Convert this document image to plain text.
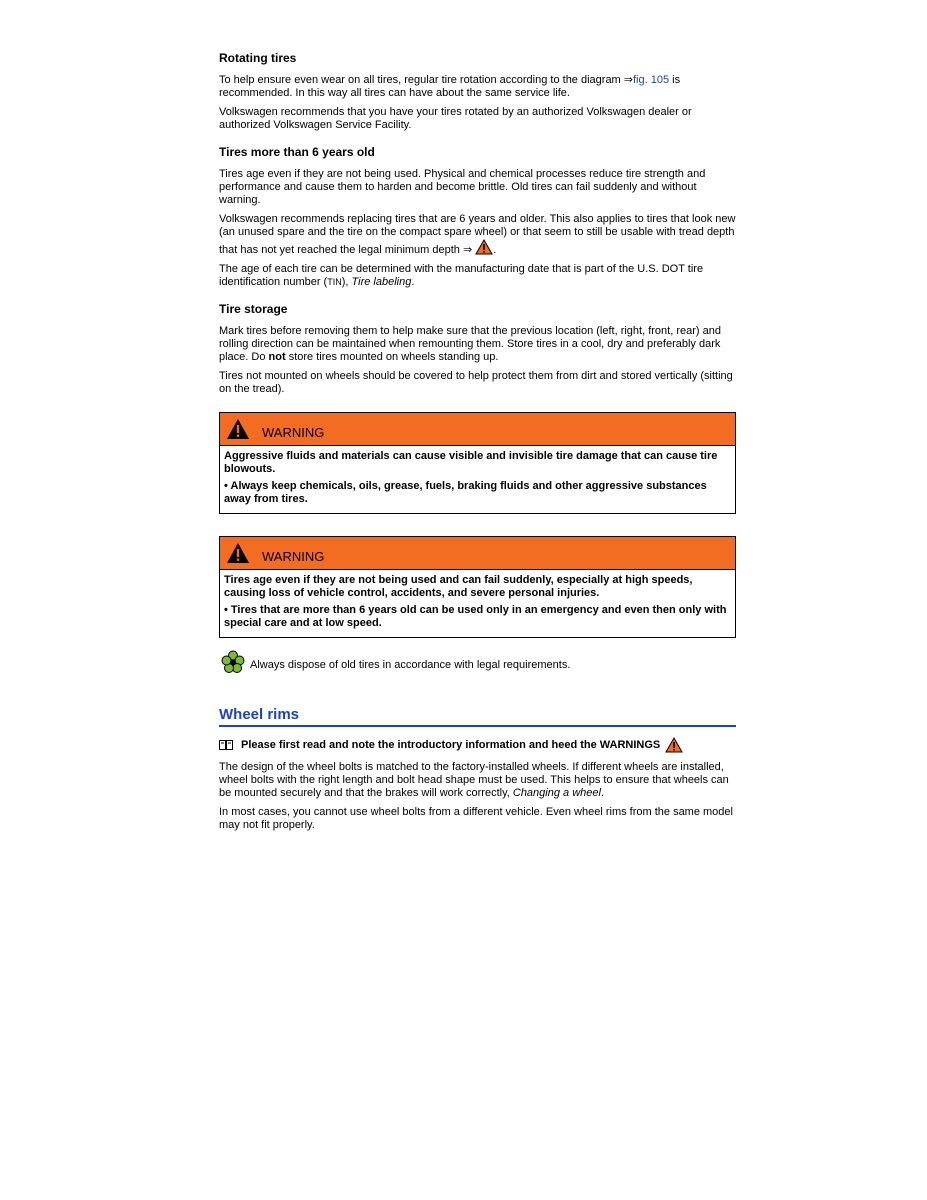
Rotating tires

To help ensure even wear on all tires, regular tire rotation according to the diagram ⇒fig. 105 is recommended. In this way all tires can have about the same service life.

Volkswagen recommends that you have your tires rotated by an authorized Volkswagen dealer or authorized Volkswagen Service Facility.

Tires more than 6 years old

Tires age even if they are not being used. Physical and chemical processes reduce tire strength and performance and cause them to harden and become brittle. Old tires can fail suddenly and without warning.

Volkswagen recommends replacing tires that are 6 years and older. This also applies to tires that look new (an unused spare and the tire on the compact spare wheel) or that seem to still be usable with tread depth that has not yet reached the legal minimum depth ⇒ .

The age of each tire can be determined with the manufacturing date that is part of the U.S. DOT tire identification number (TIN), Tire labeling.

Tire storage

Mark tires before removing them to help make sure that the previous location (left, right, front, rear) and rolling direction can be maintained when remounting them. Store tires in a cool, dry and preferably dark place. Do not store tires mounted on wheels standing up.

Tires not mounted on wheels should be covered to help protect them from dirt and stored vertically (sitting on the tread).

WARNING

Aggressive fluids and materials can cause visible and invisible tire damage that can cause tire blowouts.

• Always keep chemicals, oils, grease, fuels, braking fluids and other aggressive substances away from tires.

WARNING

Tires age even if they are not being used and can fail suddenly, especially at high speeds, causing loss of vehicle control, accidents, and severe personal injuries.

• Tires that are more than 6 years old can be used only in an emergency and even then only with special care and at low speed.

Always dispose of old tires in accordance with legal requirements.

Wheel rims

Please first read and note the introductory information and heed the WARNINGS

The design of the wheel bolts is matched to the factory-installed wheels. If different wheels are installed, wheel bolts with the right length and bolt head shape must be used. This helps to ensure that wheels can be mounted securely and that the brakes will work correctly, Changing a wheel.

In most cases, you cannot use wheel bolts from a different vehicle. Even wheel rims from the same model may not fit properly.
